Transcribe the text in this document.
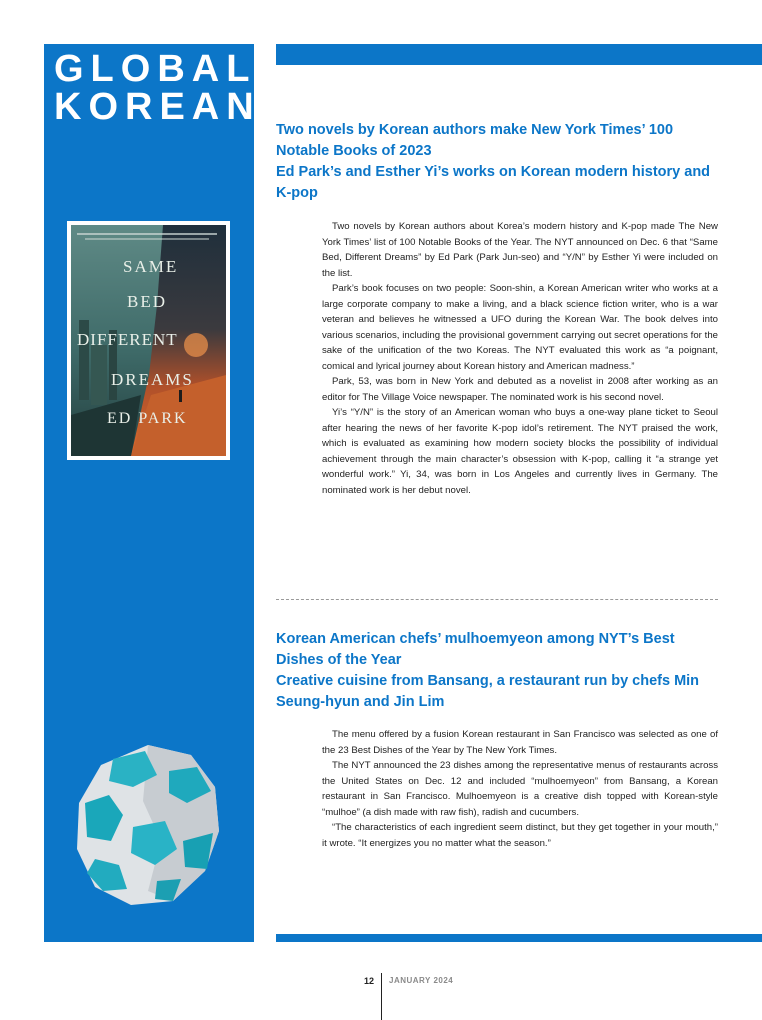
GLOBAL
KOREAN
SAME
BED
DIFFERENT
DREAMS
ED PARK
Two novels by Korean authors make New York Times’ 100 Notable Books of 2023
Ed Park’s and Esther Yi’s works on Korean modern history and K-pop

Two novels by Korean authors about Korea’s modern history and K-pop made The New York Times’ list of 100 Notable Books of the Year. The NYT announced on Dec. 6 that “Same Bed, Different Dreams” by Ed Park (Park Jun-seo) and “Y/N” by Esther Yi were included on the list.

Park’s book focuses on two people: Soon-shin, a Korean American writer who works at a large corporate company to make a living, and a black science fiction writer, who is a war veteran and believes he witnessed a UFO during the Korean War. The book delves into various scenarios, including the provisional government carrying out secret operations for the sake of the unification of the two Koreas. The NYT evaluated this work as “a poignant, comical and lyrical journey about Korean history and American madness.”

Park, 53, was born in New York and debuted as a novelist in 2008 after working as an editor for The Village Voice newspaper. The nominated work is his second novel.

Yi’s “Y/N” is the story of an American woman who buys a one-way plane ticket to Seoul after hearing the news of her favorite K-pop idol’s retirement. The NYT praised the work, which is evaluated as examining how modern society blocks the possibility of individual achievement through the main character’s obsession with K-pop, calling it “a strange yet wonderful work.” Yi, 34, was born in Los Angeles and currently lives in Germany. The nominated work is her debut novel.

Korean American chefs’ mulhoemyeon among NYT’s Best Dishes of the Year
Creative cuisine from Bansang, a restaurant run by chefs Min Seung-hyun and Jin Lim

The menu offered by a fusion Korean restaurant in San Francisco was selected as one of the 23 Best Dishes of the Year by The New York Times.

The NYT announced the 23 dishes among the representative menus of restaurants across the United States on Dec. 12 and included “mulhoemyeon” from Bansang, a Korean restaurant in San Francisco. Mulhoemyeon is a creative dish topped with Korean-style “mulhoe” (a dish made with raw fish), radish and cucumbers.

“The characteristics of each ingredient seem distinct, but they get together in your mouth,” it wrote. “It energizes you no matter what the season.”

12 JANUARY 2024
